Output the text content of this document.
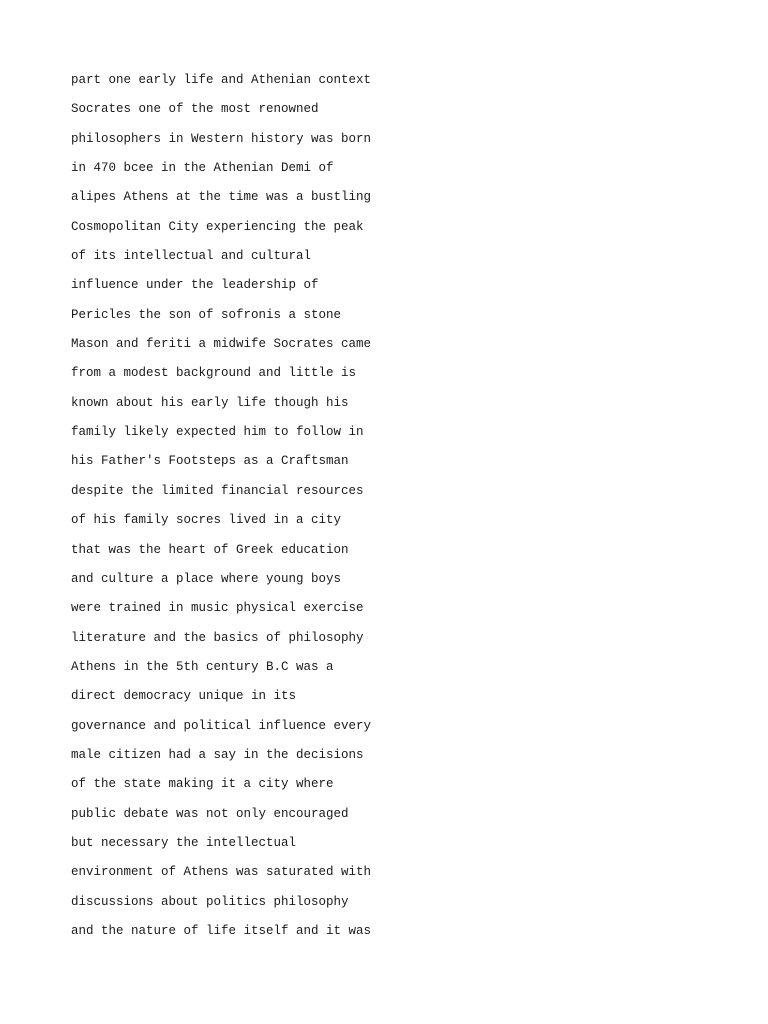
part one early life and Athenian context
Socrates one of the most renowned
philosophers in Western history was born
in 470 bcee in the Athenian Demi of
alipes Athens at the time was a bustling
Cosmopolitan City experiencing the peak
of its intellectual and cultural
influence under the leadership of
Pericles the son of sofronis a stone
Mason and feriti a midwife Socrates came
from a modest background and little is
known about his early life though his
family likely expected him to follow in
his Father's Footsteps as a Craftsman
despite the limited financial resources
of his family socres lived in a city
that was the heart of Greek education
and culture a place where young boys
were trained in music physical exercise
literature and the basics of philosophy
Athens in the 5th century B.C was a
direct democracy unique in its
governance and political influence every
male citizen had a say in the decisions
of the state making it a city where
public debate was not only encouraged
but necessary the intellectual
environment of Athens was saturated with
discussions about politics philosophy
and the nature of life itself and it was
